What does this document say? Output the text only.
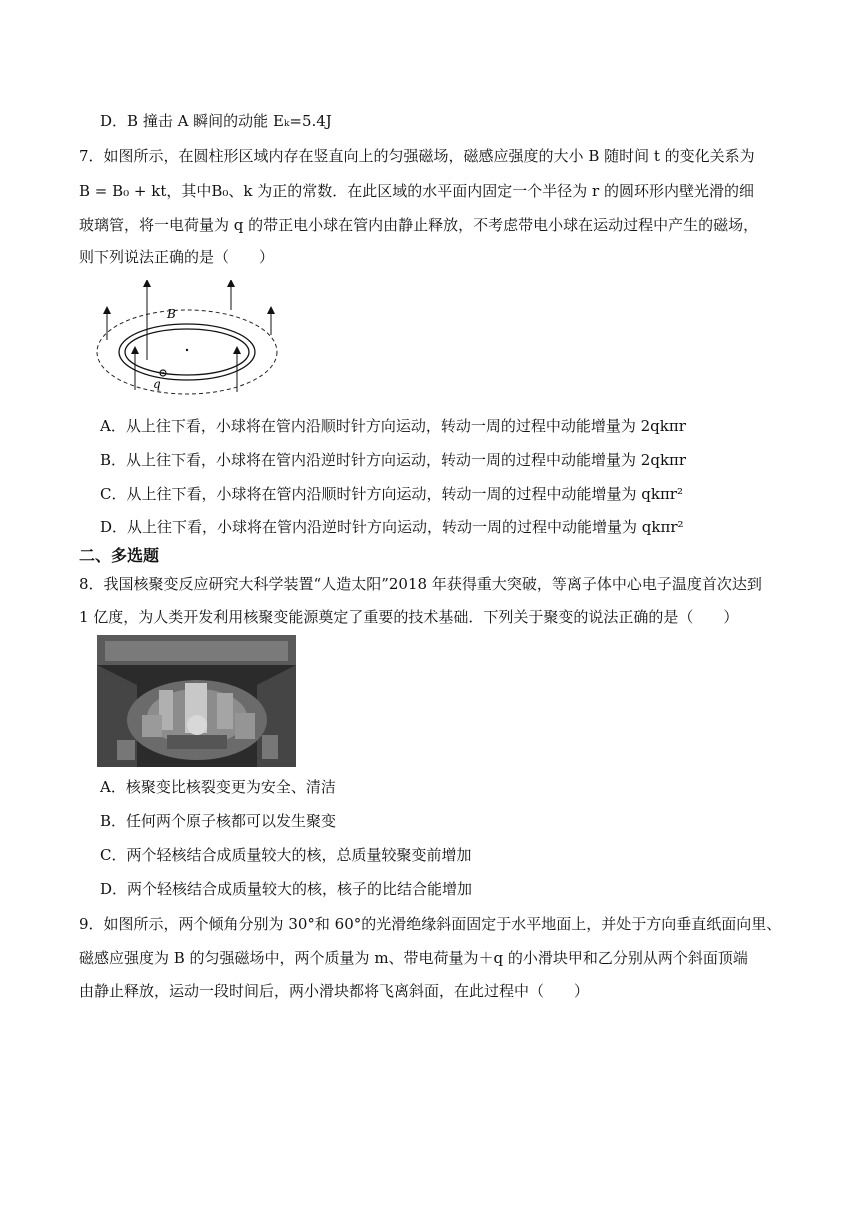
D．B 撞击 A 瞬间的动能 Eₖ=5.4J
7．如图所示，在圆柱形区域内存在竖直向上的匀强磁场，磁感应强度的大小 B 随时间 t 的变化关系为
B = B₀ + kt，其中B₀、k 为正的常数．在此区域的水平面内固定一个半径为 r 的圆环形内壁光滑的细
玻璃管，将一电荷量为 q 的带正电小球在管内由静止释放，不考虑带电小球在运动过程中产生的磁场，
则下列说法正确的是（　　）
B
q
A．从上往下看，小球将在管内沿顺时针方向运动，转动一周的过程中动能增量为 2qkπr
B．从上往下看，小球将在管内沿逆时针方向运动，转动一周的过程中动能增量为 2qkπr
C．从上往下看，小球将在管内沿顺时针方向运动，转动一周的过程中动能增量为 qkπr²
D．从上往下看，小球将在管内沿逆时针方向运动，转动一周的过程中动能增量为 qkπr²
二、多选题
8．我国核聚变反应研究大科学装置“人造太阳”2018 年获得重大突破，等离子体中心电子温度首次达到
1 亿度，为人类开发利用核聚变能源奠定了重要的技术基础．下列关于聚变的说法正确的是（　　）
A．核聚变比核裂变更为安全、清洁
B．任何两个原子核都可以发生聚变
C．两个轻核结合成质量较大的核，总质量较聚变前增加
D．两个轻核结合成质量较大的核，核子的比结合能增加
9．如图所示，两个倾角分别为 30°和 60°的光滑绝缘斜面固定于水平地面上，并处于方向垂直纸面向里、
磁感应强度为 B 的匀强磁场中，两个质量为 m、带电荷量为＋q 的小滑块甲和乙分别从两个斜面顶端
由静止释放，运动一段时间后，两小滑块都将飞离斜面，在此过程中（　　）
